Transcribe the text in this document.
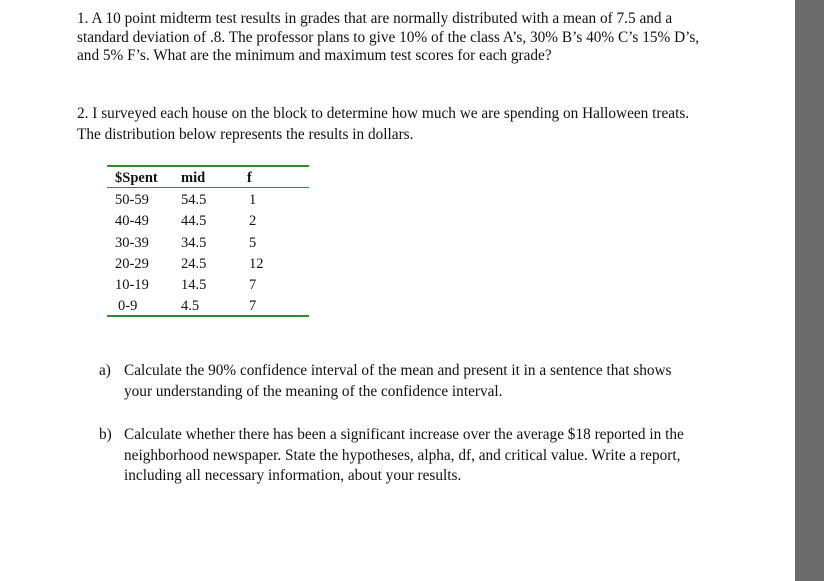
1. A 10 point midterm test results in grades that are normally distributed with a mean of 7.5 and a standard deviation of .8. The professor plans to give 10% of the class A’s, 30% B’s 40% C’s 15% D’s, and 5% F’s. What are the minimum and maximum test scores for each grade?
2. I surveyed each house on the block to determine how much we are spending on Halloween treats. The distribution below represents the results in dollars.
$Spent mid	f
50-59 54.5	1
40-49 44.5	2
30-39 34.5	5
20-29 24.5	12
10-19 14.5	7
0-9	4.5	7
a) Calculate the 90% confidence interval of the mean and present it in a sentence that shows your understanding of the meaning of the confidence interval.
b) Calculate whether there has been a significant increase over the average $18 reported in the neighborhood newspaper. State the hypotheses, alpha, df, and critical value. Write a report, including all necessary information, about your results.
